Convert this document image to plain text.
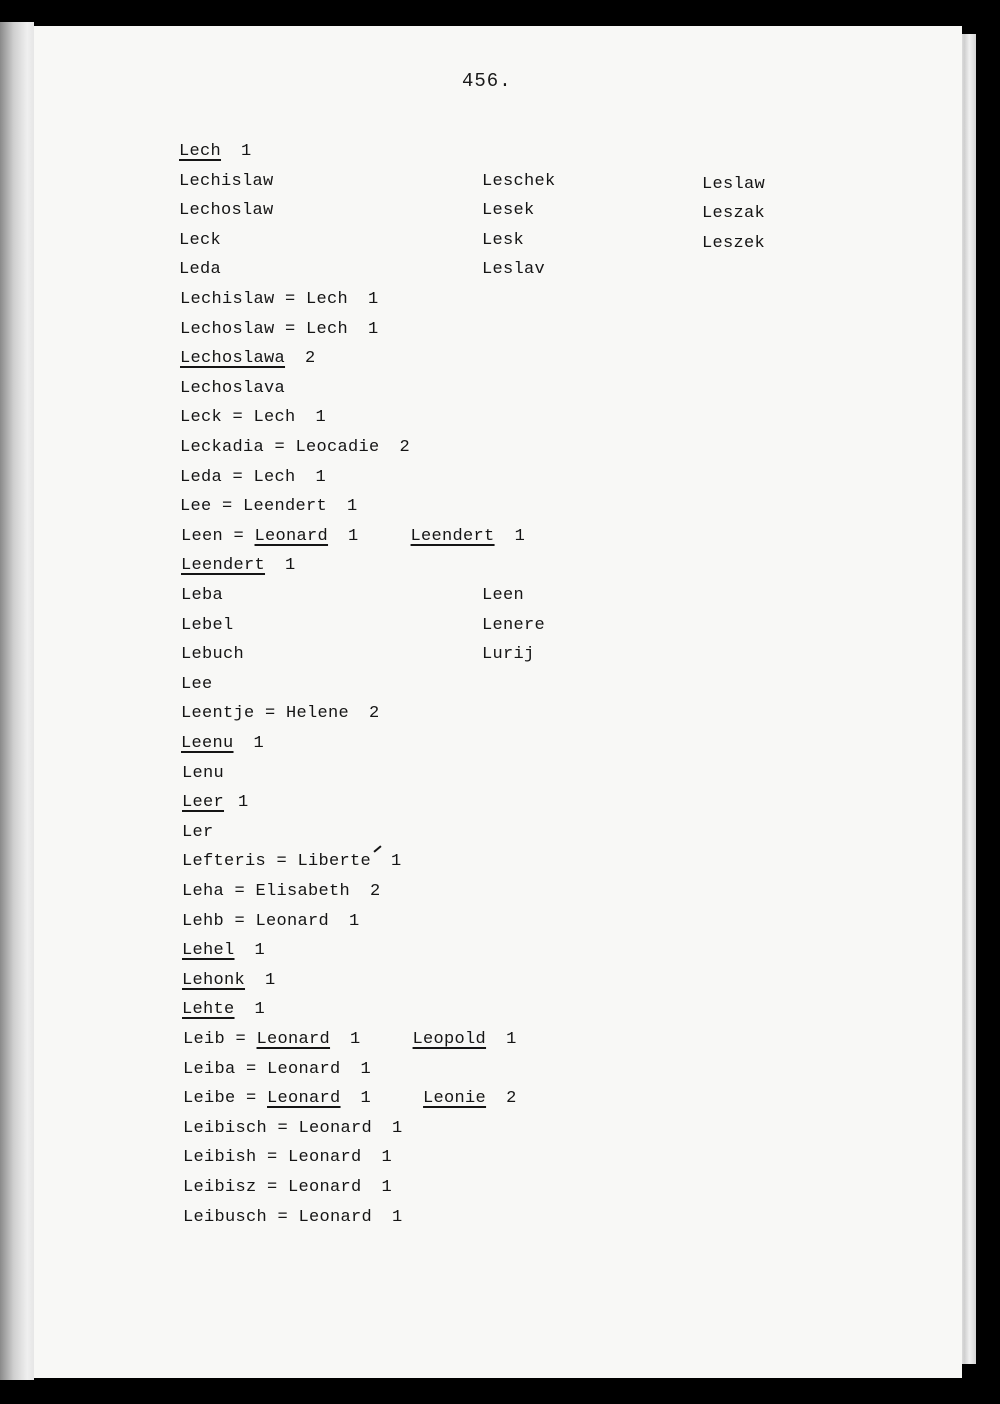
456.
Lech 1
Lechislaw
Lechoslaw
Leck
Leda
Lechislaw = Lech 1
Lechoslaw = Lech 1
Lechoslawa 2
Lechoslava
Leck = Lech 1
Leckadia = Leocadie 2
Leda = Lech 1
Lee = Leendert 1
Leen = Leonard 1	Leendert 1
Leendert 1
Leba
Lebel
Lebuch
Lee
Leentje = Helene 2
Leenu 1
Lenu
Leer 1
Ler
Lefteris = Liberte 1
Leha = Elisabeth 2
Lehb = Leonard 1
Lehel 1
Lehonk 1
Lehte 1
Leib = Leonard 1	Leopold 1
Leiba = Leonard 1
Leibe = Leonard 1	Leonie 2
Leibisch = Leonard 1
Leibish = Leonard 1
Leibisz = Leonard 1
Leibusch = Leonard 1
Leschek
Lesek
Lesk
Leslav
Leslaw
Leszak
Leszek
Leen
Lenere
Lurij
